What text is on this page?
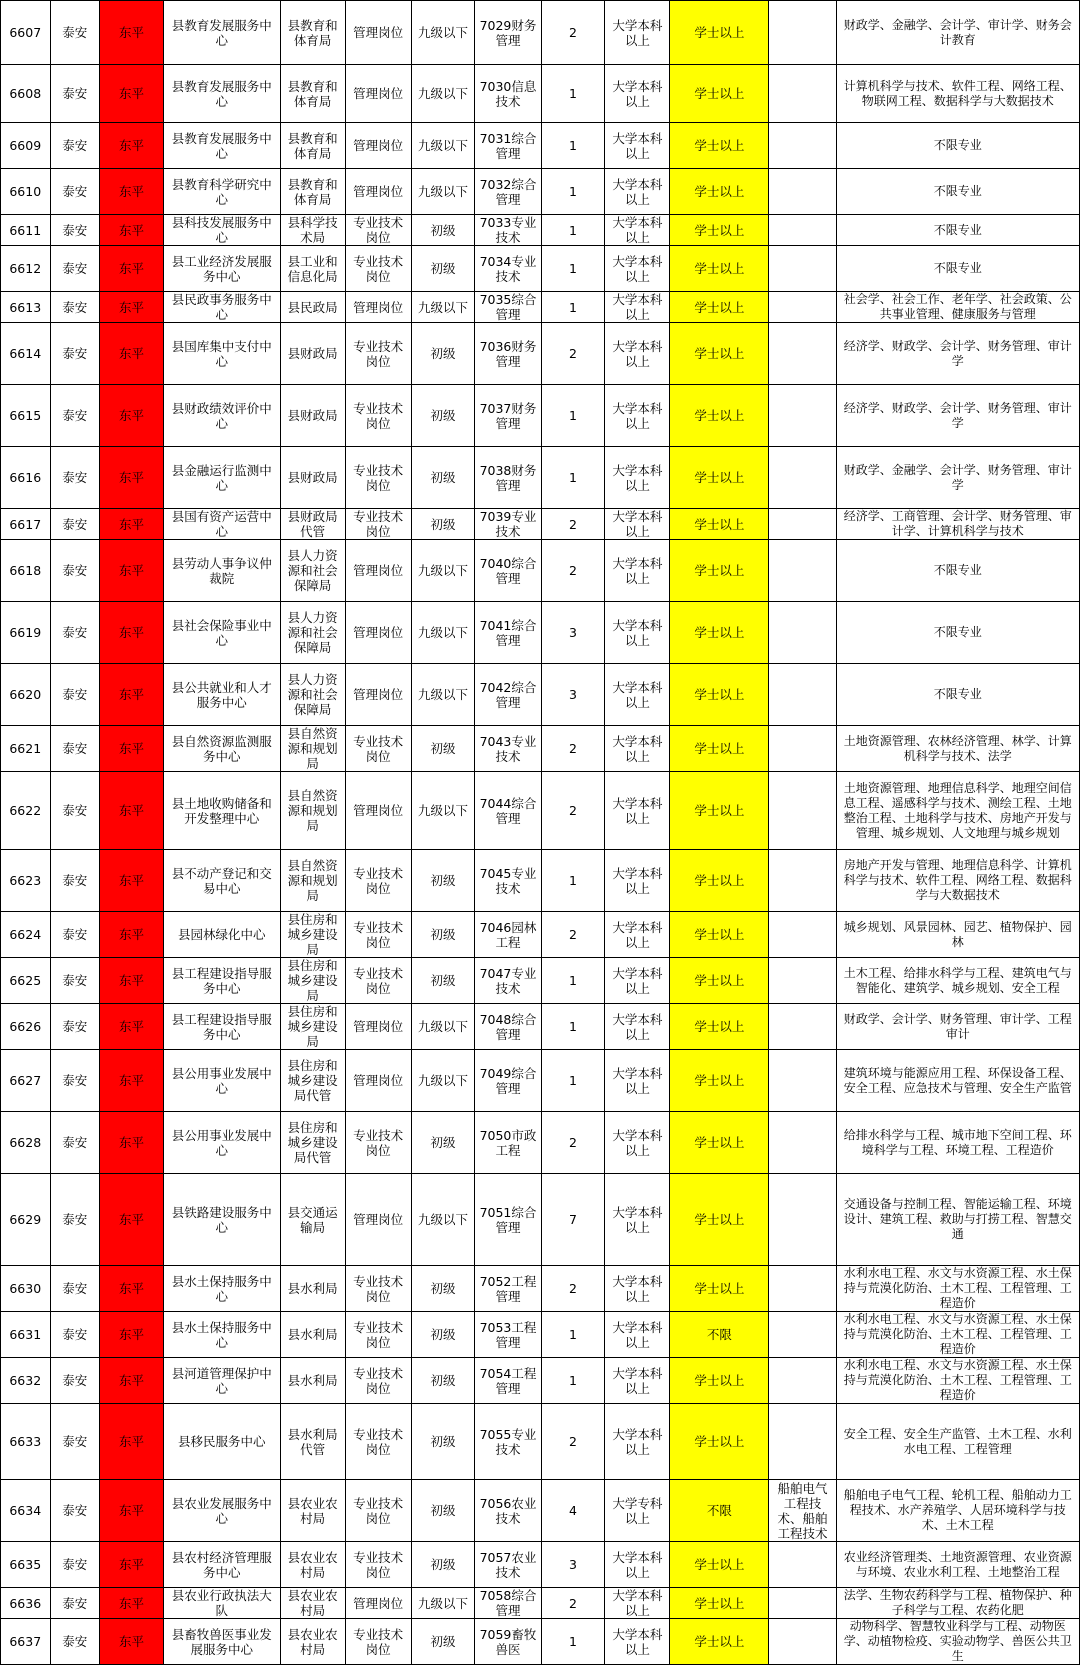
6607	泰安	东平	县教育发展服务中心	县教育和体育局	管理岗位	九级以下	7029财务管理	2	大学本科以上	学士以上		财政学、金融学、会计学、审计学、财务会计教育
6608	泰安	东平	县教育发展服务中心	县教育和体育局	管理岗位	九级以下	7030信息技术	1	大学本科以上	学士以上		计算机科学与技术、软件工程、网络工程、物联网工程、数据科学与大数据技术
6609	泰安	东平	县教育发展服务中心	县教育和体育局	管理岗位	九级以下	7031综合管理	1	大学本科以上	学士以上		不限专业
6610	泰安	东平	县教育科学研究中心	县教育和体育局	管理岗位	九级以下	7032综合管理	1	大学本科以上	学士以上		不限专业
6611	泰安	东平	县科技发展服务中心	县科学技术局	专业技术岗位	初级	7033专业技术	1	大学本科以上	学士以上		不限专业
6612	泰安	东平	县工业经济发展服务中心	县工业和信息化局	专业技术岗位	初级	7034专业技术	1	大学本科以上	学士以上		不限专业
6613	泰安	东平	县民政事务服务中心	县民政局	管理岗位	九级以下	7035综合管理	1	大学本科以上	学士以上		社会学、社会工作、老年学、社会政策、公共事业管理、健康服务与管理
6614	泰安	东平	县国库集中支付中心	县财政局	专业技术岗位	初级	7036财务管理	2	大学本科以上	学士以上		经济学、财政学、会计学、财务管理、审计学
6615	泰安	东平	县财政绩效评价中心	县财政局	专业技术岗位	初级	7037财务管理	1	大学本科以上	学士以上		经济学、财政学、会计学、财务管理、审计学
6616	泰安	东平	县金融运行监测中心	县财政局	专业技术岗位	初级	7038财务管理	1	大学本科以上	学士以上		财政学、金融学、会计学、财务管理、审计学
6617	泰安	东平	县国有资产运营中心	县财政局代管	专业技术岗位	初级	7039专业技术	2	大学本科以上	学士以上		经济学、工商管理、会计学、财务管理、审计学、计算机科学与技术
6618	泰安	东平	县劳动人事争议仲裁院	县人力资源和社会保障局	管理岗位	九级以下	7040综合管理	2	大学本科以上	学士以上		不限专业
6619	泰安	东平	县社会保险事业中心	县人力资源和社会保障局	管理岗位	九级以下	7041综合管理	3	大学本科以上	学士以上		不限专业
6620	泰安	东平	县公共就业和人才服务中心	县人力资源和社会保障局	管理岗位	九级以下	7042综合管理	3	大学本科以上	学士以上		不限专业
6621	泰安	东平	县自然资源监测服务中心	县自然资源和规划局	专业技术岗位	初级	7043专业技术	2	大学本科以上	学士以上		土地资源管理、农林经济管理、林学、计算机科学与技术、法学
6622	泰安	东平	县土地收购储备和开发整理中心	县自然资源和规划局	管理岗位	九级以下	7044综合管理	2	大学本科以上	学士以上		土地资源管理、地理信息科学、地理空间信息工程、遥感科学与技术、测绘工程、土地整治工程、土地科学与技术、房地产开发与管理、城乡规划、人文地理与城乡规划
6623	泰安	东平	县不动产登记和交易中心	县自然资源和规划局	专业技术岗位	初级	7045专业技术	1	大学本科以上	学士以上		房地产开发与管理、地理信息科学、计算机科学与技术、软件工程、网络工程、数据科学与大数据技术
6624	泰安	东平	县园林绿化中心	县住房和城乡建设局	专业技术岗位	初级	7046园林工程	2	大学本科以上	学士以上		城乡规划、风景园林、园艺、植物保护、园林
6625	泰安	东平	县工程建设指导服务中心	县住房和城乡建设局	专业技术岗位	初级	7047专业技术	1	大学本科以上	学士以上		土木工程、给排水科学与工程、建筑电气与智能化、建筑学、城乡规划、安全工程
6626	泰安	东平	县工程建设指导服务中心	县住房和城乡建设局	管理岗位	九级以下	7048综合管理	1	大学本科以上	学士以上		财政学、会计学、财务管理、审计学、工程审计
6627	泰安	东平	县公用事业发展中心	县住房和城乡建设局代管	管理岗位	九级以下	7049综合管理	1	大学本科以上	学士以上		建筑环境与能源应用工程、环保设备工程、安全工程、应急技术与管理、安全生产监管
6628	泰安	东平	县公用事业发展中心	县住房和城乡建设局代管	专业技术岗位	初级	7050市政工程	2	大学本科以上	学士以上		给排水科学与工程、城市地下空间工程、环境科学与工程、环境工程、工程造价
6629	泰安	东平	县铁路建设服务中心	县交通运输局	管理岗位	九级以下	7051综合管理	7	大学本科以上	学士以上		交通设备与控制工程、智能运输工程、环境设计、建筑工程、救助与打捞工程、智慧交通
6630	泰安	东平	县水土保持服务中心	县水利局	专业技术岗位	初级	7052工程管理	2	大学本科以上	学士以上		水利水电工程、水文与水资源工程、水土保持与荒漠化防治、土木工程、工程管理、工程造价
6631	泰安	东平	县水土保持服务中心	县水利局	专业技术岗位	初级	7053工程管理	1	大学本科以上	不限		水利水电工程、水文与水资源工程、水土保持与荒漠化防治、土木工程、工程管理、工程造价
6632	泰安	东平	县河道管理保护中心	县水利局	专业技术岗位	初级	7054工程管理	1	大学本科以上	学士以上		水利水电工程、水文与水资源工程、水土保持与荒漠化防治、土木工程、工程管理、工程造价
6633	泰安	东平	县移民服务中心	县水利局代管	专业技术岗位	初级	7055专业技术	2	大学本科以上	学士以上		安全工程、安全生产监管、土木工程、水利水电工程、工程管理
6634	泰安	东平	县农业发展服务中心	县农业农村局	专业技术岗位	初级	7056农业技术	4	大学专科以上	不限	船舶电气工程技术、船舶工程技术	船舶电子电气工程、轮机工程、船舶动力工程技术、水产养殖学、人居环境科学与技术、土木工程
6635	泰安	东平	县农村经济管理服务中心	县农业农村局	专业技术岗位	初级	7057农业技术	3	大学本科以上	学士以上		农业经济管理类、土地资源管理、农业资源与环境、农业水利工程、土地整治工程
6636	泰安	东平	县农业行政执法大队	县农业农村局	管理岗位	九级以下	7058综合管理	2	大学本科以上	学士以上		法学、生物农药科学与工程、植物保护、种子科学与工程、农药化肥
6637	泰安	东平	县畜牧兽医事业发展服务中心	县农业农村局	专业技术岗位	初级	7059畜牧兽医	1	大学本科以上	学士以上		动物科学、智慧牧业科学与工程、动物医学、动植物检疫、实验动物学、兽医公共卫生
